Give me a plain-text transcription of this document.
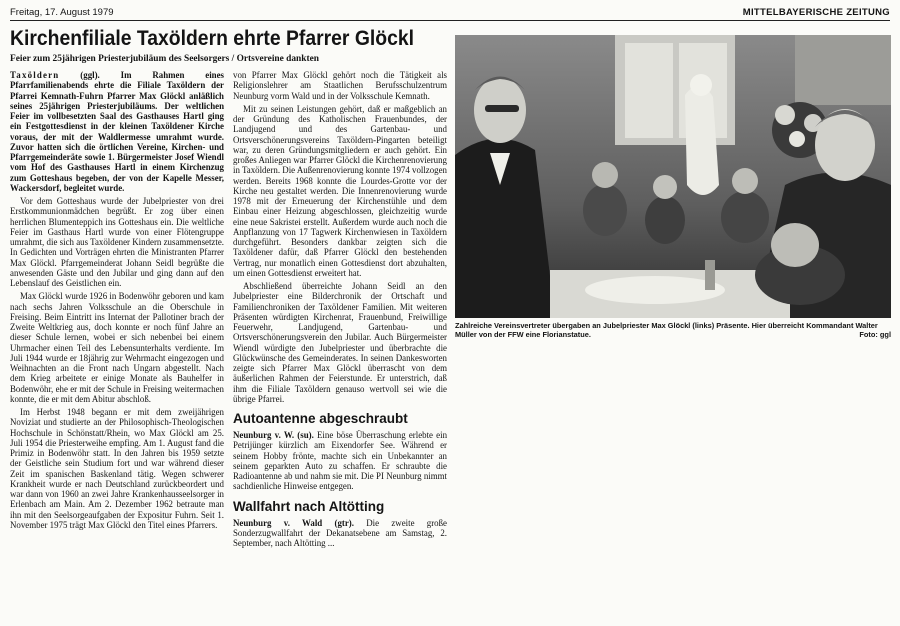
Freitag, 17. August 1979	MITTELBAYERISCHE ZEITUNG
Kirchenfiliale Taxöldern ehrte Pfarrer Glöckl
Feier zum 25jährigen Priesterjubiläum des Seelsorgers / Ortsvereine dankten

Taxöldern (ggl). Im Rahmen eines Pfarrfamilienabends ehrte die Filiale Taxöldern der Pfarrei Kemnath-Fuhrn Pfarrer Max Glöckl anläßlich seines 25jährigen Priesterjubiläums. Der weltlichen Feier im vollbesetzten Saal des Gasthauses Hartl ging ein Festgottesdienst in der kleinen Taxöldener Kirche voraus, der mit der Waldlermesse umrahmt wurde. Zuvor hatten sich die örtlichen Vereine, Kirchen- und Pfarrgemeinderäte sowie 1. Bürgermeister Josef Wiendl vom Hof des Gasthauses Hartl in einem Kirchenzug zum Gotteshaus begeben, der von der Kapelle Messer, Wackersdorf, begleitet wurde.

Vor dem Gotteshaus wurde der Jubelpriester von drei Erstkommunionmädchen begrüßt. Er zog über einen herrlichen Blumenteppich ins Gotteshaus ein. Die weltliche Feier im Gasthaus Hartl wurde von einer Flötengruppe umrahmt, die sich aus Taxöldener Kindern zusammensetzte. In Gedichten und Vorträgen ehrten die Ministranten Pfarrer Max Glöckl. Pfarrgemeinderat Johann Seidl begrüßte die anwesenden Gäste und den Jubilar und ging dann auf den Lebenslauf des Geistlichen ein.

Max Glöckl wurde 1926 in Bodenwöhr geboren und kam nach sechs Jahren Volksschule an die Oberschule in Freising. Beim Eintritt ins Internat der Pallotiner brach der Zweite Weltkrieg aus, doch konnte er noch fünf Jahre an dieser Schule lernen, wobei er sich nebenbei bei einem Uhrmacher einen Teil des Lebensunterhalts verdiente. Im Juli 1944 wurde er 18jährig zur Wehrmacht eingezogen und Weihnachten an die Front nach Ungarn abgestellt. Nach dem Krieg arbeitete er einige Monate als Bauhelfer in Bodenwöhr, ehe er mit der Schule in Freising weitermachen konnte, die er mit dem Abitur abschloß.

Im Herbst 1948 begann er mit dem zweijährigen Noviziat und studierte an der Philosophisch-Theologischen Hochschule in Schönstatt/Rhein, wo Max Glöckl am 25. Juli 1954 die Priesterweihe empfing. Am 1. August fand die Primiz in Bodenwöhr statt. In den Jahren bis 1959 setzte der Geistliche sein Studium fort und war während dieser Zeit im spanischen Baskenland tätig. Wegen schwerer Krankheit wurde er nach Deutschland zurückbeordert und war dann von 1960 an zwei Jahre Krankenhausseelsorger in Erlenbach am Main. Am 2. Dezember 1962 betraute man ihn mit den Seelsorgeaufgaben der Expositur Fuhrn. Seit 1. November 1975 trägt Max Glöckl den Titel eines Pfarrers.

von Pfarrer Max Glöckl gehört noch die Tätigkeit als Religionslehrer am Staatlichen Berufsschulzentrum Neunburg vorm Wald und in der Volksschule Kemnath.

Mit zu seinen Leistungen gehört, daß er maßgeblich an der Gründung des Katholischen Frauenbundes, der Landjugend und des Gartenbau- und Ortsverschönerungsvereins Taxöldern-Pingarten beteiligt war, zu deren Gründungsmitgliedern er auch gehört. Ein großes Anliegen war Pfarrer Glöckl die Kirchenrenovierung in Taxöldern. Die Außenrenovierung konnte 1974 vollzogen werden. Bereits 1968 konnte die Lourdes-Grotte vor der Kirche neu gestaltet werden. Die Innenrenovierung wurde 1978 mit der Erneuerung der Kirchenstühle und dem Einbau einer Heizung abgeschlossen, gleichzeitig wurde eine neue Sakristei erstellt. Außerdem wurde auch noch die Anpflanzung von 17 Tagwerk Kirchenwiesen in Taxöldern durchgeführt. Besonders dankbar zeigten sich die Taxöldener dafür, daß Pfarrer Glöckl den bestehenden Vertrag, nur monatlich einen Gottesdienst dort abzuhalten, um einen Gottesdienst erweitert hat.

Abschließend überreichte Johann Seidl an den Jubelpriester eine Bilderchronik der Ortschaft und Familienchroniken der Taxöldener Familien. Mit weiteren Präsenten würdigten Kirchenrat, Frauenbund, Freiwillige Feuerwehr, Landjugend, Gartenbau- und Ortsverschönerungsverein den Jubilar. Auch Bürgermeister Wiendl würdigte den Jubelpriester und überbrachte die Glückwünsche des Gemeinderates. In seinen Dankesworten zeigte sich Pfarrer Max Glöckl überrascht von dem äußerlichen Rahmen der Feierstunde. Er unterstrich, daß ihm die Filiale Taxöldern genauso wertvoll sei wie die übrige Pfarrei.

Autoantenne abgeschraubt

Neunburg v. W. (su). Eine böse Überraschung erlebte ein Petrijünger kürzlich am Eixendorfer See. Während er seinem Hobby frönte, machte sich ein Unbekannter an seinem geparkten Auto zu schaffen. Er schraubte die Radioantenne ab und nahm sie mit. Die PI Neunburg nimmt sachdienliche Hinweise entgegen.

Wallfahrt nach Altötting

Neunburg v. Wald (gtr). Die zweite große Sonderzugwallfahrt der Dekanatsebene am Samstag, 2. September, nach Altötting ...

Zahlreiche Vereinsvertreter übergaben an Jubelpriester Max Glöckl (links) Präsente. Hier überreicht Kommandant Walter Müller von der FFW eine Florianstatue.	Foto: ggl
